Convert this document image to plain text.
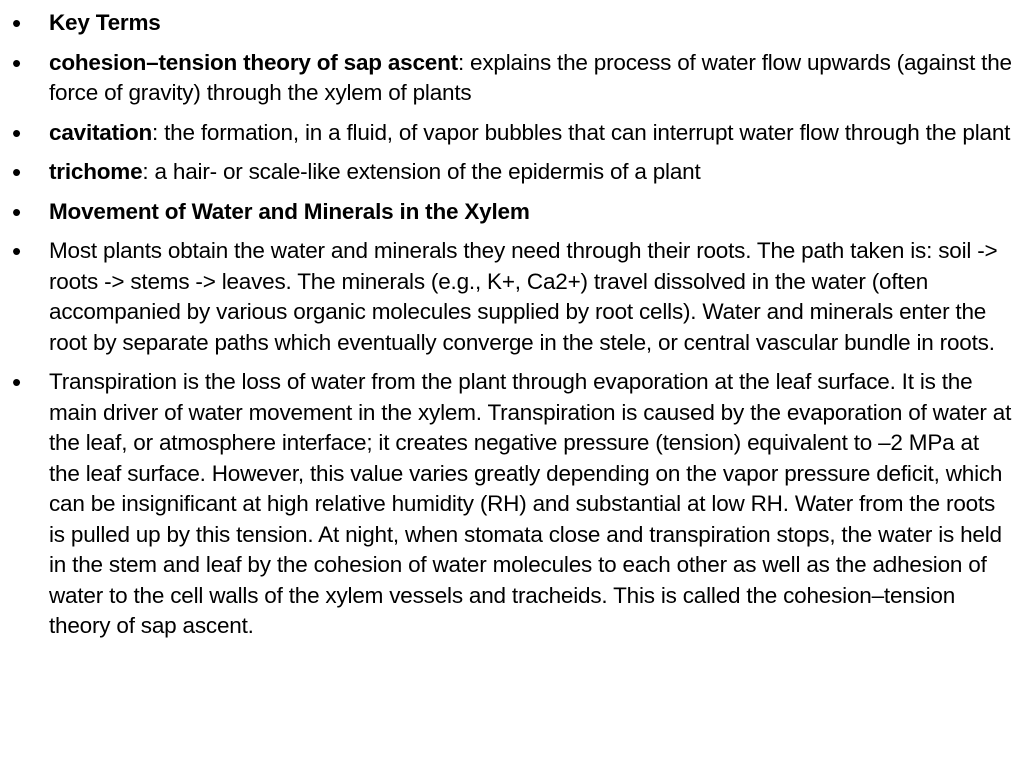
•	Key Terms
•	cohesion–tension theory of sap ascent: explains the process of water flow upwards (against the force of gravity) through the xylem of plants
•	cavitation: the formation, in a fluid, of vapor bubbles that can interrupt water flow through the plant
•	trichome: a hair- or scale-like extension of the epidermis of a plant
•	Movement of Water and Minerals in the Xylem
•	Most plants obtain the water and minerals they need through their roots. The path taken is: soil -> roots -> stems -> leaves. The minerals (e.g., K+, Ca2+) travel dissolved in the water (often accompanied by various organic molecules supplied by root cells). Water and minerals enter the root by separate paths which eventually converge in the stele, or central vascular bundle in roots.
•	Transpiration is the loss of water from the plant through evaporation at the leaf surface. It is the main driver of water movement in the xylem. Transpiration is caused by the evaporation of water at the leaf, or atmosphere interface; it creates negative pressure (tension) equivalent to –2 MPa at the leaf surface. However, this value varies greatly depending on the vapor pressure deficit, which can be insignificant at high relative humidity (RH) and substantial at low RH. Water from the roots is pulled up by this tension. At night, when stomata close and transpiration stops, the water is held in the stem and leaf by the cohesion of water molecules to each other as well as the adhesion of water to the cell walls of the xylem vessels and tracheids. This is called the cohesion–tension theory of sap ascent.
